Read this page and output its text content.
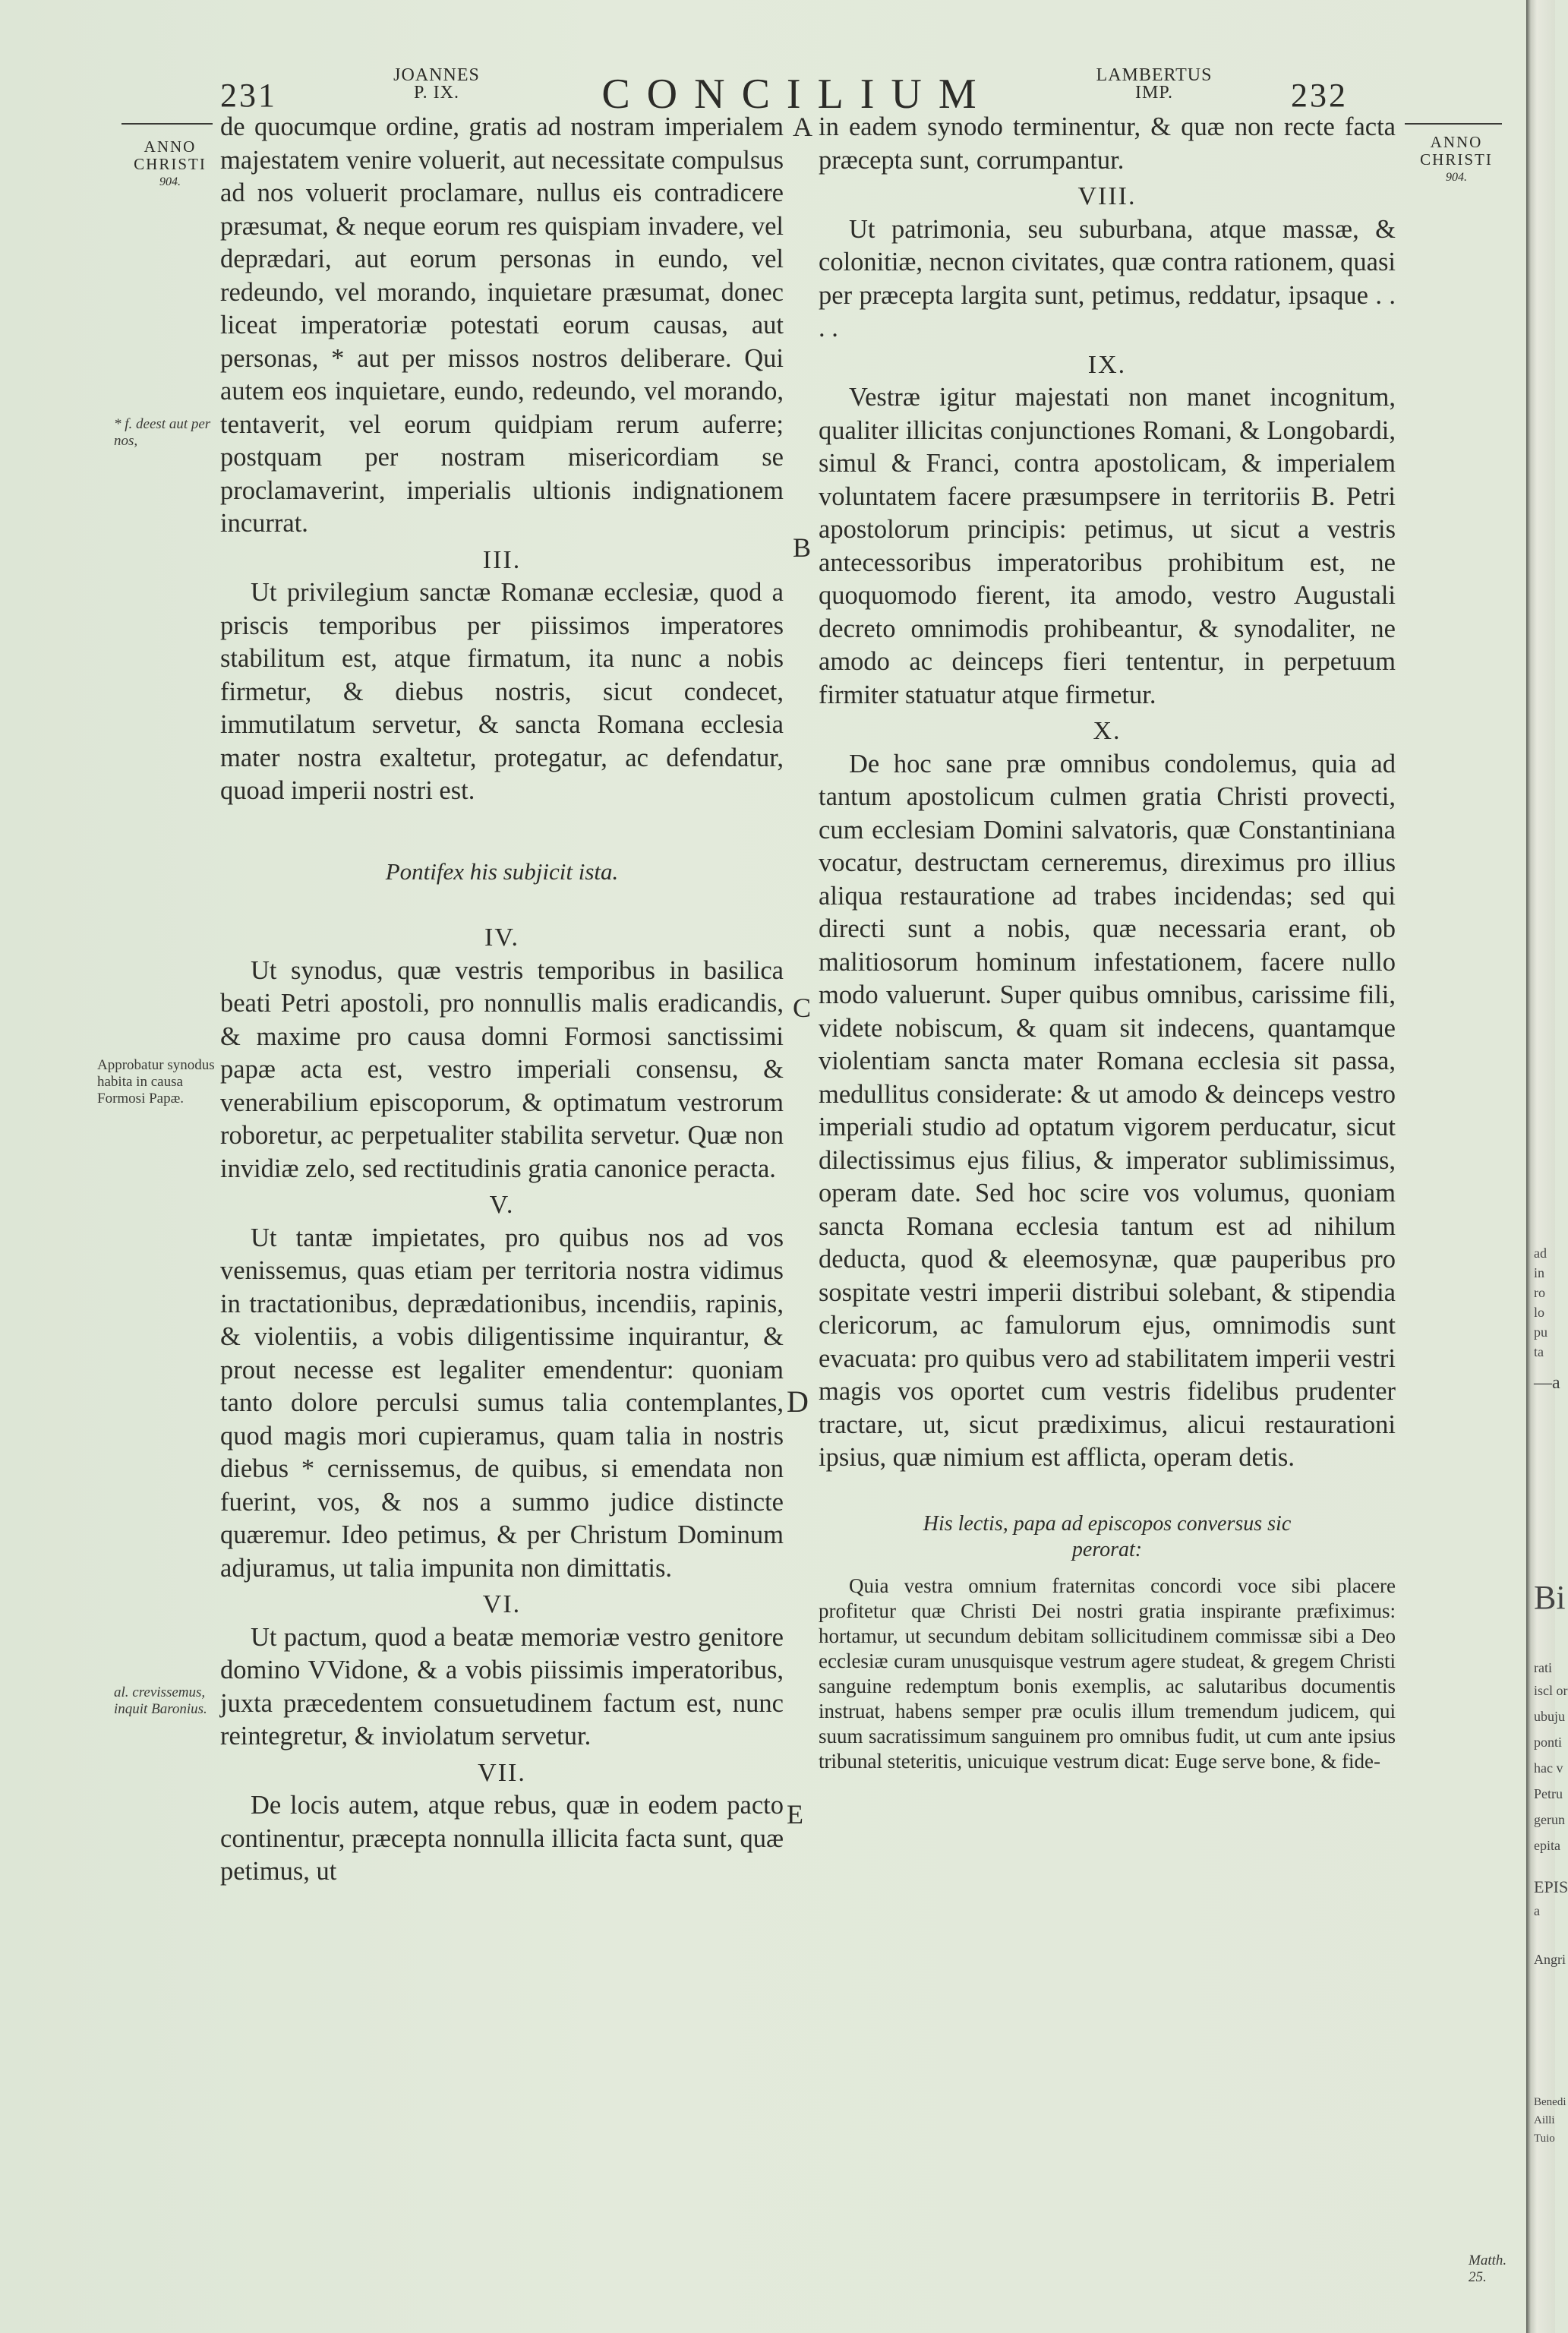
231
JOANNES
P. IX.	CONCILIUM	LAMBERTUS
IMP.	232
ANNO
CHRISTI
904.
ANNO
CHRISTI
904.
* f. deest aut per nos,
Approbatur synodus habita in causa Formosi Papæ.
al. crevissemus, inquit Baronius.
Matth. 25.
A
B
C
D
E

de quocumque ordine, gratis ad nostram imperialem majestatem venire voluerit, aut necessitate compulsus ad nos voluerit proclamare, nullus eis contradicere præsumat, & neque eorum res quispiam invadere, vel deprædari, aut eorum personas in eundo, vel redeundo, vel morando, inquietare præsumat, donec liceat imperatoriæ potestati eorum causas, aut personas, * aut per missos nostros deliberare. Qui autem eos inquietare, eundo, redeundo, vel morando, tentaverit, vel eorum quidpiam rerum auferre; postquam per nostram misericordiam se proclamaverint, imperialis ultionis indignationem incurrat.

III.

Ut privilegium sanctæ Romanæ ecclesiæ, quod a priscis temporibus per piissimos imperatores stabilitum est, atque firmatum, ita nunc a nobis firmetur, & diebus nostris, sicut condecet, immutilatum servetur, & sancta Romana ecclesia mater nostra exaltetur, protegatur, ac defendatur, quoad imperii nostri est.

Pontifex his subjicit ista.
IV.

Ut synodus, quæ vestris temporibus in basilica beati Petri apostoli, pro nonnullis malis eradicandis, & maxime pro causa domni Formosi sanctissimi papæ acta est, vestro imperiali consensu, & venerabilium episcoporum, & optimatum vestrorum roboretur, ac perpetualiter stabilita servetur. Quæ non invidiæ zelo, sed rectitudinis gratia canonice peracta.

V.

Ut tantæ impietates, pro quibus nos ad vos venissemus, quas etiam per territoria nostra vidimus in tractationibus, deprædationibus, incendiis, rapinis, & violentiis, a vobis diligentissime inquirantur, & prout necesse est legaliter emendentur: quoniam tanto dolore perculsi sumus talia contemplantes, quod magis mori cupieramus, quam talia in nostris diebus * cernissemus, de quibus, si emendata non fuerint, vos, & nos a summo judice distincte quæremur. Ideo petimus, & per Christum Dominum adjuramus, ut talia impunita non dimittatis.

VI.

Ut pactum, quod a beatæ memoriæ vestro genitore domino VVidone, & a vobis piissimis imperatoribus, juxta præcedentem consuetudinem factum est, nunc reintegretur, & inviolatum servetur.

VII.

De locis autem, atque rebus, quæ in eodem pacto continentur, præcepta nonnulla illicita facta sunt, quæ petimus, ut

in eadem synodo terminentur, & quæ non recte facta præcepta sunt, corrumpantur.

VIII.

Ut patrimonia, seu suburbana, atque massæ, & colonitiæ, necnon civitates, quæ contra rationem, quasi per præcepta largita sunt, petimus, reddatur, ipsaque . . . .

IX.

Vestræ igitur majestati non manet incognitum, qualiter illicitas conjunctiones Romani, & Longobardi, simul & Franci, contra apostolicam, & imperialem voluntatem facere præsumpsere in territoriis B. Petri apostolorum principis: petimus, ut sicut a vestris antecessoribus imperatoribus prohibitum est, ne quoquomodo fierent, ita amodo, vestro Augustali decreto omnimodis prohibeantur, & synodaliter, ne amodo ac deinceps fieri tententur, in perpetuum firmiter statuatur atque firmetur.

X.

De hoc sane præ omnibus condolemus, quia ad tantum apostolicum culmen gratia Christi provecti, cum ecclesiam Domini salvatoris, quæ Constantiniana vocatur, destructam cerneremus, direximus pro illius aliqua restauratione ad trabes incidendas; sed qui directi sunt a nobis, quæ necessaria erant, ob malitiosorum hominum infestationem, facere nullo modo valuerunt. Super quibus omnibus, carissime fili, videte nobiscum, & quam sit indecens, quantamque violentiam sancta mater Romana ecclesia sit passa, medullitus considerate: & ut amodo & deinceps vestro imperiali studio ad optatum vigorem perducatur, sicut dilectissimus ejus filius, & imperator sublimissimus, operam date. Sed hoc scire vos volumus, quoniam sancta Romana ecclesia tantum est ad nihilum deducta, quod & eleemosynæ, quæ pauperibus pro sospitate vestri imperii distribui solebant, & stipendia clericorum, ac famulorum ejus, omnimodis sunt evacuata: pro quibus vero ad stabilitatem imperii vestri magis vos oportet cum vestris fidelibus prudenter tractare, ut, sicut prædiximus, alicui restaurationi ipsius, quæ nimium est afflicta, operam detis.

His lectis, papa ad episcopos conversus sic
perorat:

Quia vestra omnium fraternitas concordi voce sibi placere profitetur quæ Christi Dei nostri gratia inspirante præfiximus: hortamur, ut secundum debitam sollicitudinem commissæ sibi a Deo ecclesiæ curam unusquisque vestrum agere studeat, & gregem Christi sanguine redemptum bonis exemplis, ac salutaribus documentis instruat, habens semper præ oculis illum tremendum judicem, qui suum sacratissimum sanguinem pro omnibus fudit, ut cum ante ipsius tribunal steteritis, unicuique vestrum dicat: Euge serve bone, & fide-

ad
in
ro
lo
pu
ta
—a
Bi
rati
iscl or
ubuju
ponti
hac v
Petru
gerun
epita
EPIS
a
Angri
Benedi
Ailli
Tuio
